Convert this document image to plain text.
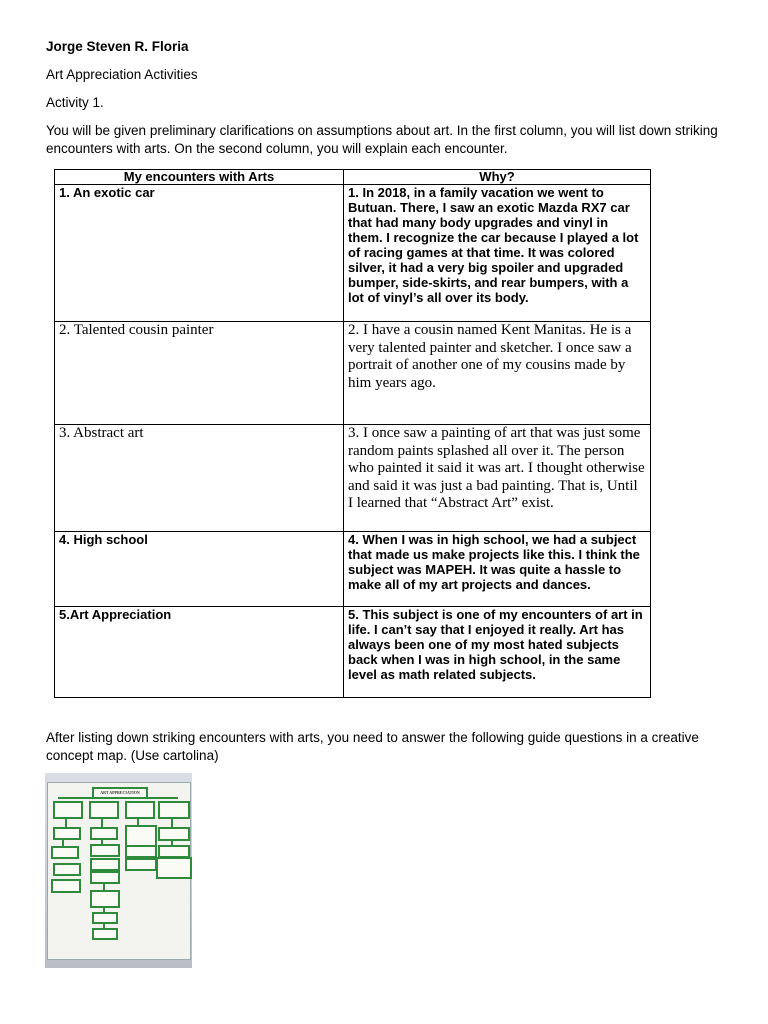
Jorge Steven R. Floria
Art Appreciation Activities
Activity 1.
You will be given preliminary clarifications on assumptions about art. In the first column, you will list down striking encounters with arts. On the second column, you will explain each encounter.
My encounters with Arts	Why?
1. An exotic car	1. In 2018, in a family vacation we went to Butuan. There, I saw an exotic Mazda RX7 car that had many body upgrades and vinyl in them. I recognize the car because I played a lot of racing games at that time. It was colored silver, it had a very big spoiler and upgraded bumper, side-skirts, and rear bumpers, with a lot of vinyl’s all over its body.
2. Talented cousin painter	2. I have a cousin named Kent Manitas. He is a very talented painter and sketcher. I once saw a portrait of another one of my cousins made by him years ago.
3. Abstract art	3. I once saw a painting of art that was just some random paints splashed all over it. The person who painted it said it was art. I thought otherwise and said it was just a bad painting. That is, Until I learned that “Abstract Art” exist.
4. High school	4. When I was in high school, we had a subject that made us make projects like this. I think the subject was MAPEH. It was quite a hassle to make all of my art projects and dances.
5.Art Appreciation	5. This subject is one of my encounters of art in life. I can’t say that I enjoyed it really. Art has always been one of my most hated subjects back when I was in high school, in the same level as math related subjects.
After listing down striking encounters with arts, you need to answer the following guide questions in a creative concept map. (Use cartolina)
ART APPRECIATION
